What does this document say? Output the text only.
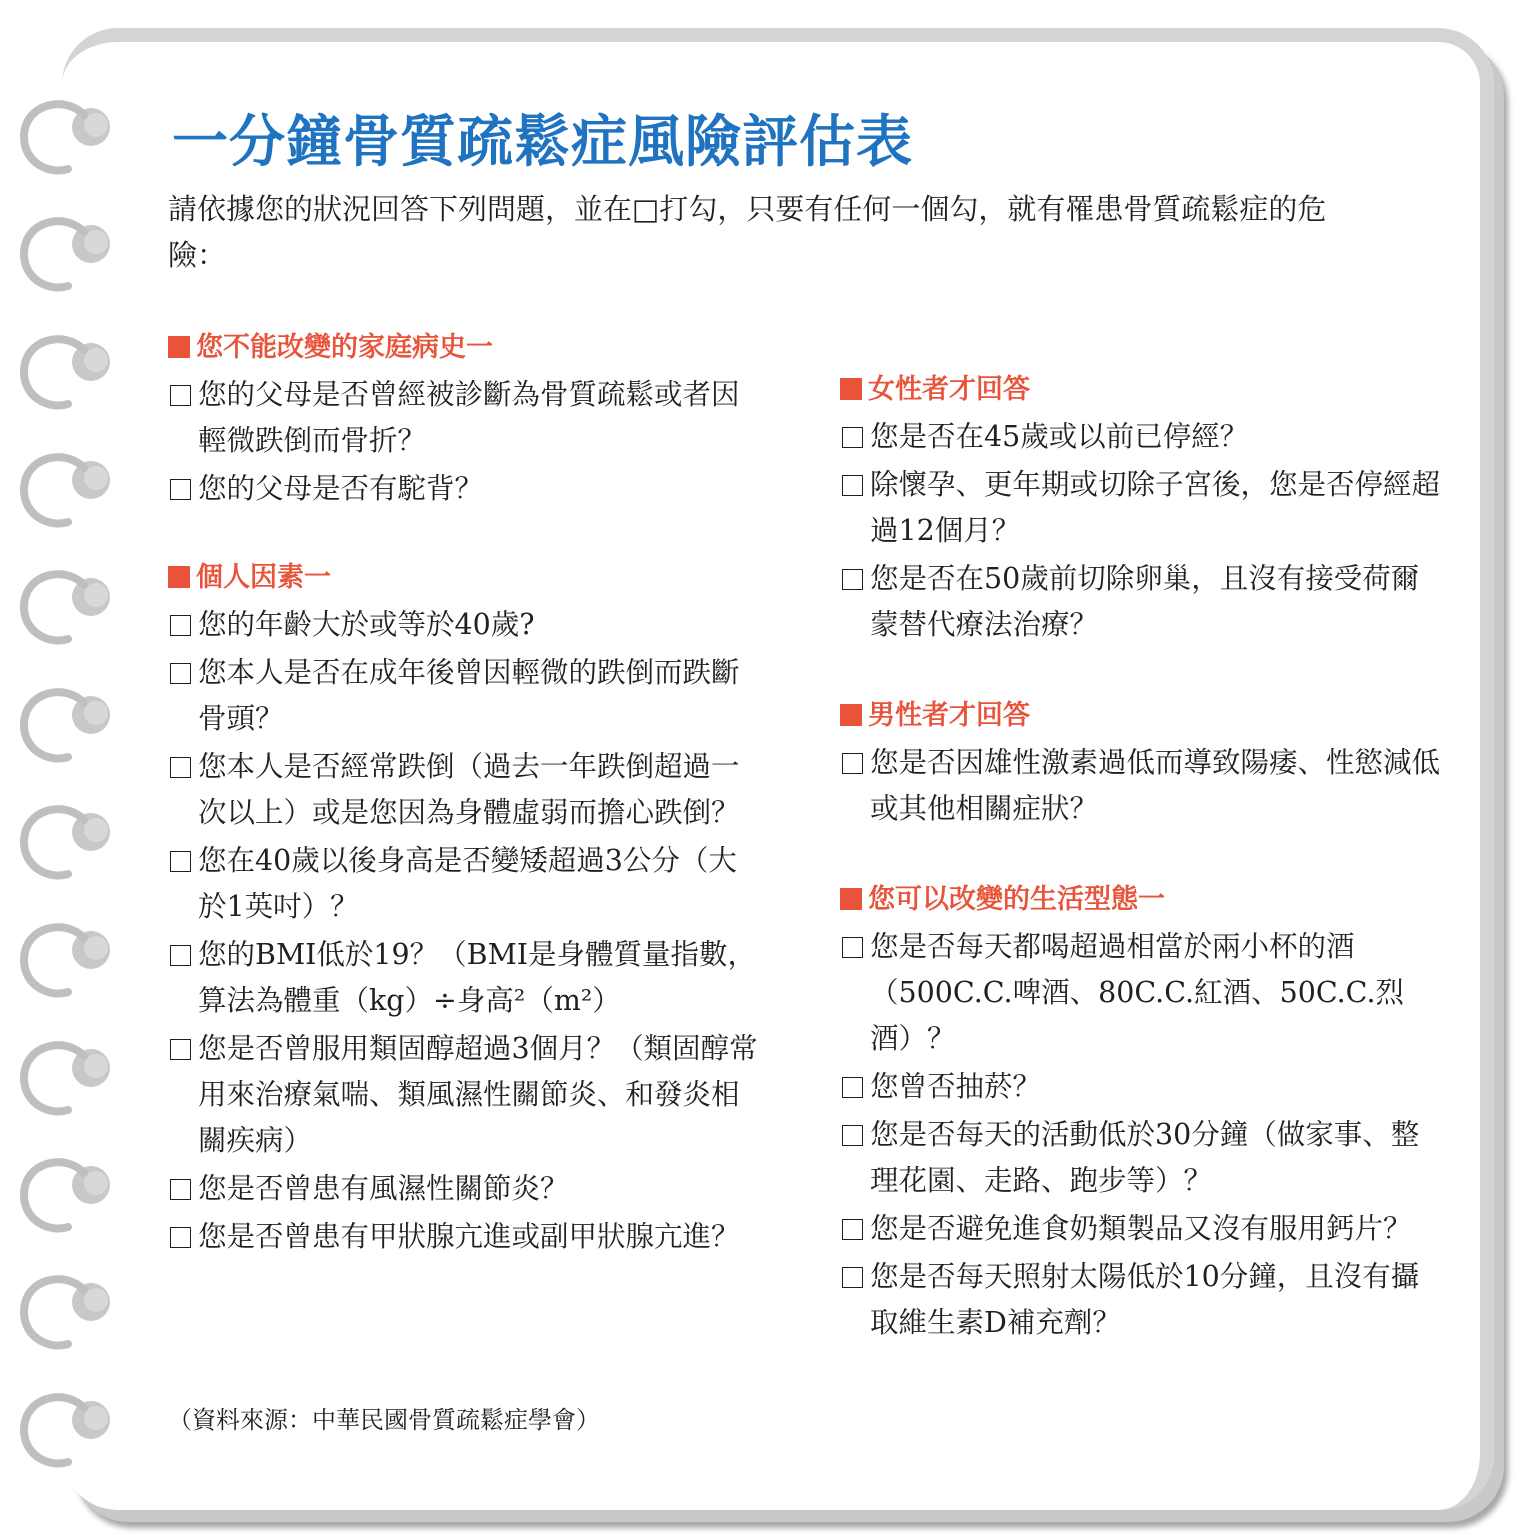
一分鐘骨質疏鬆症風險評估表

請依據您的狀況回答下列問題，並在□打勾，只要有任何一個勾，就有罹患骨質疏鬆症的危險：

您不能改變的家庭病史一
您的父母是否曾經被診斷為骨質疏鬆或者因輕微跌倒而骨折？
您的父母是否有駝背？
個人因素一
您的年齡大於或等於40歲?
您本人是否在成年後曾因輕微的跌倒而跌斷骨頭？
您本人是否經常跌倒（過去一年跌倒超過一次以上）或是您因為身體虛弱而擔心跌倒？
您在40歲以後身高是否變矮超過3公分（大於1英吋）？
您的BMI低於19？（BMI是身體質量指數，算法為體重（kg）÷身高²（m²）
您是否曾服用類固醇超過3個月？（類固醇常用來治療氣喘、類風濕性關節炎、和發炎相關疾病）
您是否曾患有風濕性關節炎？
您是否曾患有甲狀腺亢進或副甲狀腺亢進？
女性者才回答
您是否在45歲或以前已停經？
除懷孕、更年期或切除子宮後，您是否停經超過12個月？
您是否在50歲前切除卵巢，且沒有接受荷爾蒙替代療法治療？
男性者才回答
您是否因雄性激素過低而導致陽痿、性慾減低或其他相關症狀？
您可以改變的生活型態一
您是否每天都喝超過相當於兩小杯的酒（500C.C.啤酒、80C.C.紅酒、50C.C.烈酒）？
您曾否抽菸？
您是否每天的活動低於30分鐘（做家事、整理花園、走路、跑步等）？
您是否避免進食奶類製品又沒有服用鈣片？
您是否每天照射太陽低於10分鐘，且沒有攝取維生素D補充劑？

（資料來源：中華民國骨質疏鬆症學會）
